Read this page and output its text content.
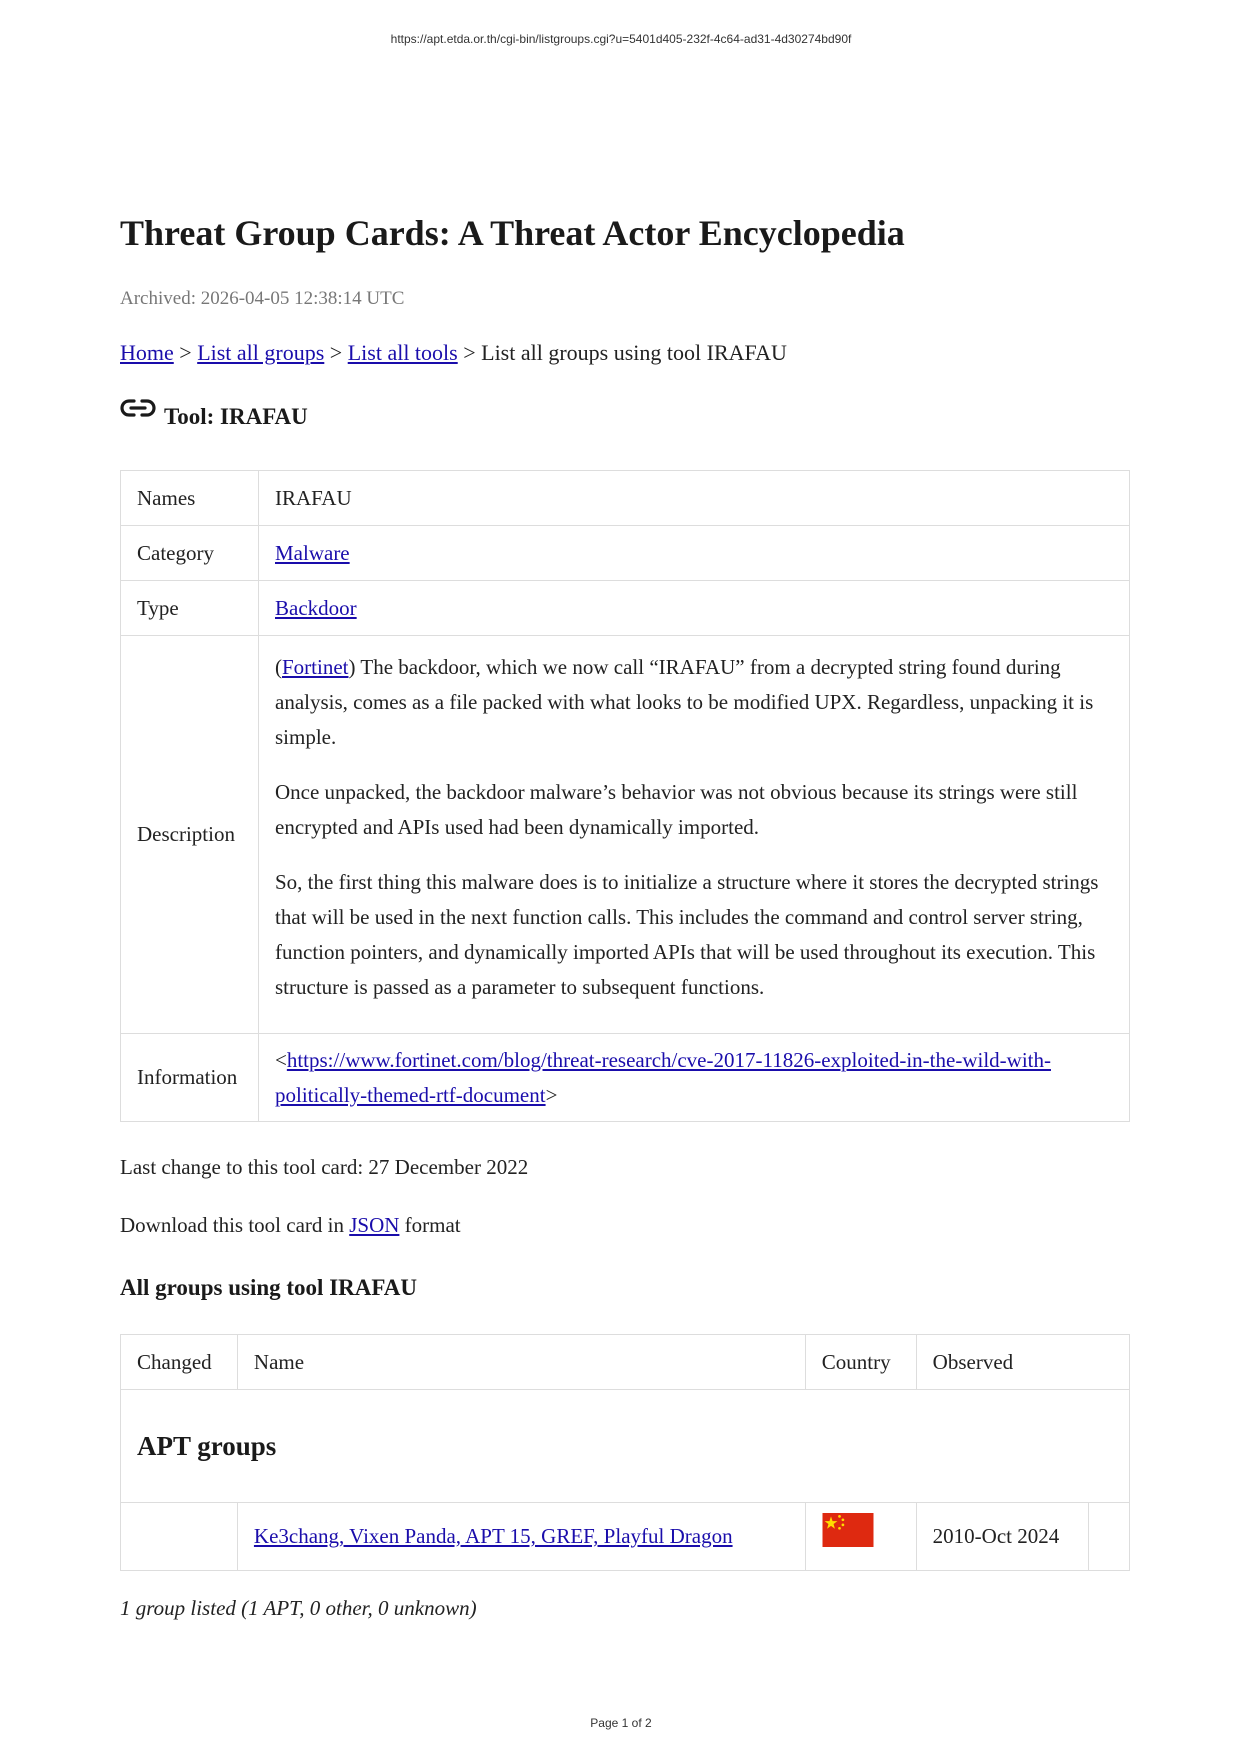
https://apt.etda.or.th/cgi-bin/listgroups.cgi?u=5401d405-232f-4c64-ad31-4d30274bd90f
Threat Group Cards: A Threat Actor Encyclopedia
Archived: 2026-04-05 12:38:14 UTC
Home > List all groups > List all tools > List all groups using tool IRAFAU
Tool: IRAFAU
Names	IRAFAU
Category	Malware
Type	Backdoor
Description	(Fortinet) The backdoor, which we now call “IRAFAU” from a decrypted string found during analysis, comes as a file packed with what looks to be modified UPX. Regardless, unpacking it is simple.

Once unpacked, the backdoor malware’s behavior was not obvious because its strings were still encrypted and APIs used had been dynamically imported.

So, the first thing this malware does is to initialize a structure where it stores the decrypted strings that will be used in the next function calls. This includes the command and control server string, function pointers, and dynamically imported APIs that will be used throughout its execution. This structure is passed as a parameter to subsequent functions.

Information	<https://www.fortinet.com/blog/threat-research/cve-2017-11826-exploited-in-the-wild-with-politically-themed-rtf-document>
Last change to this tool card: 27 December 2022
Download this tool card in JSON format
All groups using tool IRAFAU
Changed	Name	Country	Observed	
APT groups				
	Ke3chang, Vixen Panda, APT 15, GREF, Playful Dragon		2010-Oct 2024	
1 group listed (1 APT, 0 other, 0 unknown)
Page 1 of 2
